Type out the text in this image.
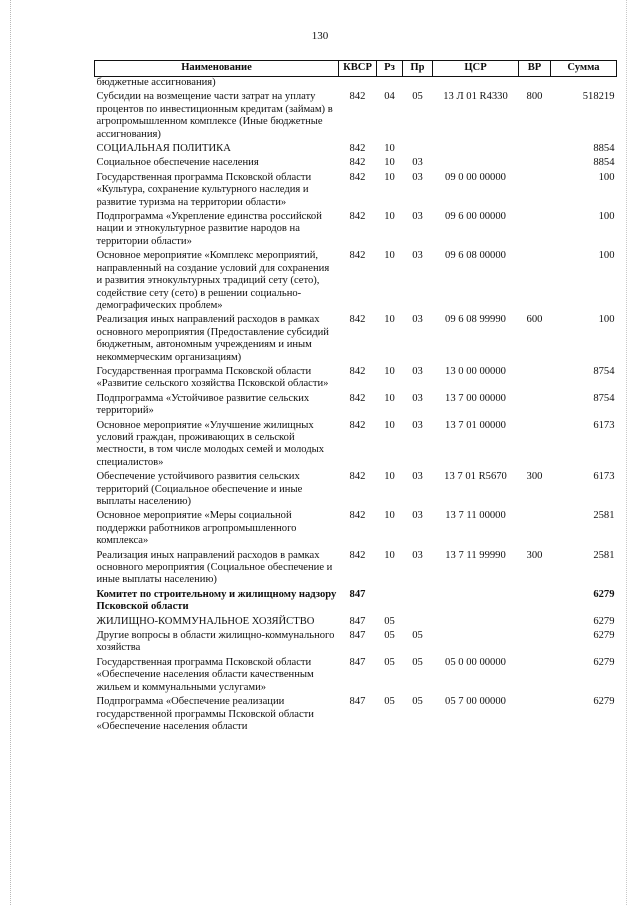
130
Наименование	КВСР	Рз	Пр	ЦСР	ВР	Сумма
бюджетные ассигнования)						
Субсидии на возмещение части затрат на уплату процентов по инвестиционным кредитам (займам) в агропромышленном комплексе (Иные бюджетные ассигнования)	842	04	05	13 Л 01 R4330	800	518219
СОЦИАЛЬНАЯ ПОЛИТИКА	842	10				8854
Социальное обеспечение населения	842	10	03			8854
Государственная программа Псковской области «Культура, сохранение культурного наследия и развитие туризма на территории области»	842	10	03	09 0 00 00000		100
Подпрограмма «Укрепление единства российской нации и этнокультурное развитие народов на территории области»	842	10	03	09 6 00 00000		100
Основное мероприятие «Комплекс мероприятий, направленный на создание условий для сохранения и развития этнокультурных традиций сету (сето), содействие сету (сето) в решении социально-демографических проблем»	842	10	03	09 6 08 00000		100
Реализация иных направлений расходов в рамках основного мероприятия (Предоставление субсидий бюджетным, автономным учреждениям и иным некоммерческим организациям)	842	10	03	09 6 08 99990	600	100
Государственная программа Псковской области «Развитие сельского хозяйства Псковской области»	842	10	03	13 0 00 00000		8754
Подпрограмма «Устойчивое развитие сельских территорий»	842	10	03	13 7 00 00000		8754
Основное мероприятие «Улучшение жилищных условий граждан, проживающих в сельской местности, в том числе молодых семей и молодых специалистов»	842	10	03	13 7 01 00000		6173
Обеспечение устойчивого развития сельских территорий (Социальное обеспечение и иные выплаты населению)	842	10	03	13 7 01 R5670	300	6173
Основное мероприятие «Меры социальной поддержки работников агропромышленного комплекса»	842	10	03	13 7 11 00000		2581
Реализация иных направлений расходов в рамках основного мероприятия (Социальное обеспечение и иные выплаты населению)	842	10	03	13 7 11 99990	300	2581
Комитет по строительному и жилищному надзору Псковской области	847					6279
ЖИЛИЩНО-КОММУНАЛЬНОЕ ХОЗЯЙСТВО	847	05				6279
Другие вопросы в области жилищно-коммунального хозяйства	847	05	05			6279
Государственная программа Псковской области «Обеспечение населения области качественным жильем и коммунальными услугами»	847	05	05	05 0 00 00000		6279
Подпрограмма «Обеспечение реализации государственной программы Псковской области «Обеспечение населения области	847	05	05	05 7 00 00000		6279
